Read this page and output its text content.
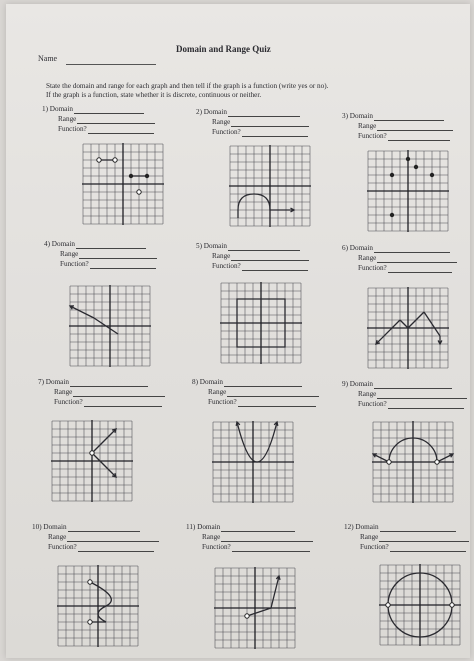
Name
Domain and Range Quiz
State the domain and range for each graph and then tell if the graph is a function (write yes or no).
If the graph is a function, state whether it is discrete, continuous or neither.
1)
Domain
Range
Function?
2)
Domain
Range
Function?
3)
Domain
Range
Function?
4)
Domain
Range
Function?
5)
Domain
Range
Function?
6)
Domain
Range
Function?
7)
Domain
Range
Function?
8)
Domain
Range
Function?
9)
Domain
Range
Function?
10)
Domain
Range
Function?
11)
Domain
Range
Function?
12)
Domain
Range
Function?
